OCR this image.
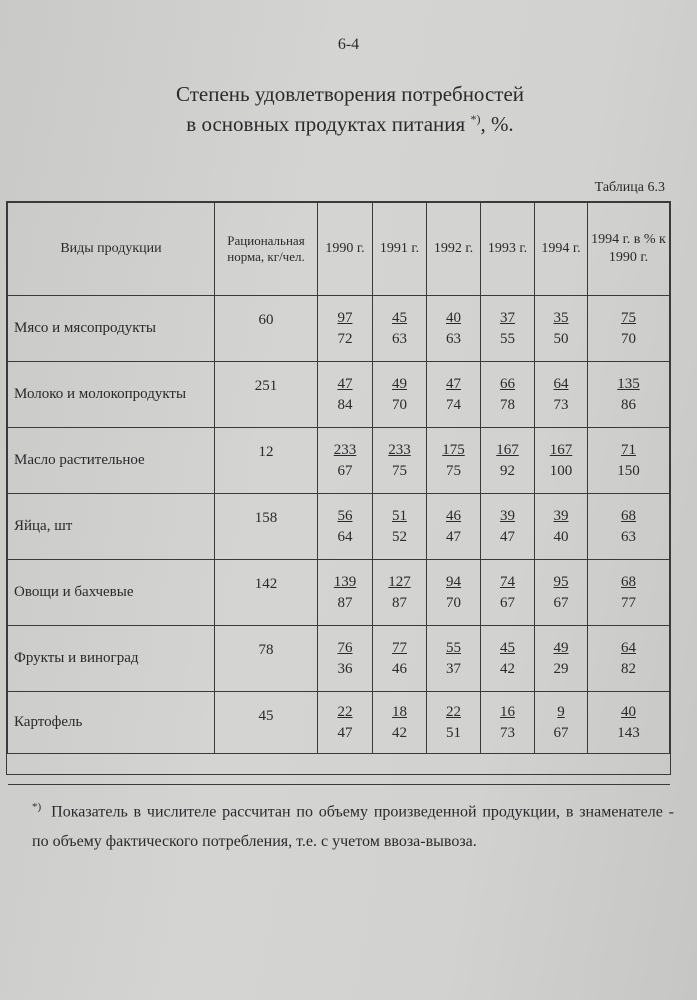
6-4
Степень удовлетворения потребностей
в основных продуктах питания *), %.
Таблица 6.3
Виды продукции	Рациональная норма, кг/чел.	1990 г.	1991 г.	1992 г.	1993 г.	1994 г.	1994 г. в % к 1990 г.
Мясо и мясопродукты	60	$\frac{97}{72}$	$\frac{45}{63}$	$\frac{40}{63}$	$\frac{37}{55}$	$\frac{35}{50}$	$\frac{75}{70}$

Молоко и молокопродукты	251	$\frac{47}{84}$	$\frac{49}{70}$	$\frac{47}{74}$	$\frac{66}{78}$	$\frac{64}{73}$	$\frac{135}{86}$

Масло растительное	12	$\frac{233}{67}$	$\frac{233}{75}$	$\frac{175}{75}$	$\frac{167}{92}$	$\frac{167}{100}$	$\frac{71}{150}$

Яйца, шт	158	$\frac{56}{64}$	$\frac{51}{52}$	$\frac{46}{47}$	$\frac{39}{47}$	$\frac{39}{40}$	$\frac{68}{63}$

Овощи и бахчевые	142	$\frac{139}{87}$	$\frac{127}{87}$	$\frac{94}{70}$	$\frac{74}{67}$	$\frac{95}{67}$	$\frac{68}{77}$

Фрукты и виноград	78	$\frac{76}{36}$	$\frac{77}{46}$	$\frac{55}{37}$	$\frac{45}{42}$	$\frac{49}{29}$	$\frac{64}{82}$

Картофель	45	$\frac{22}{47}$	$\frac{18}{42}$	$\frac{22}{51}$	$\frac{16}{73}$	$\frac{9}{67}$	$\frac{40}{143}$

*) Показатель в числителе рассчитан по объему произведенной продукции, в знаменателе - по объему фактического потребления, т.е. с учетом ввоза-вывоза.
